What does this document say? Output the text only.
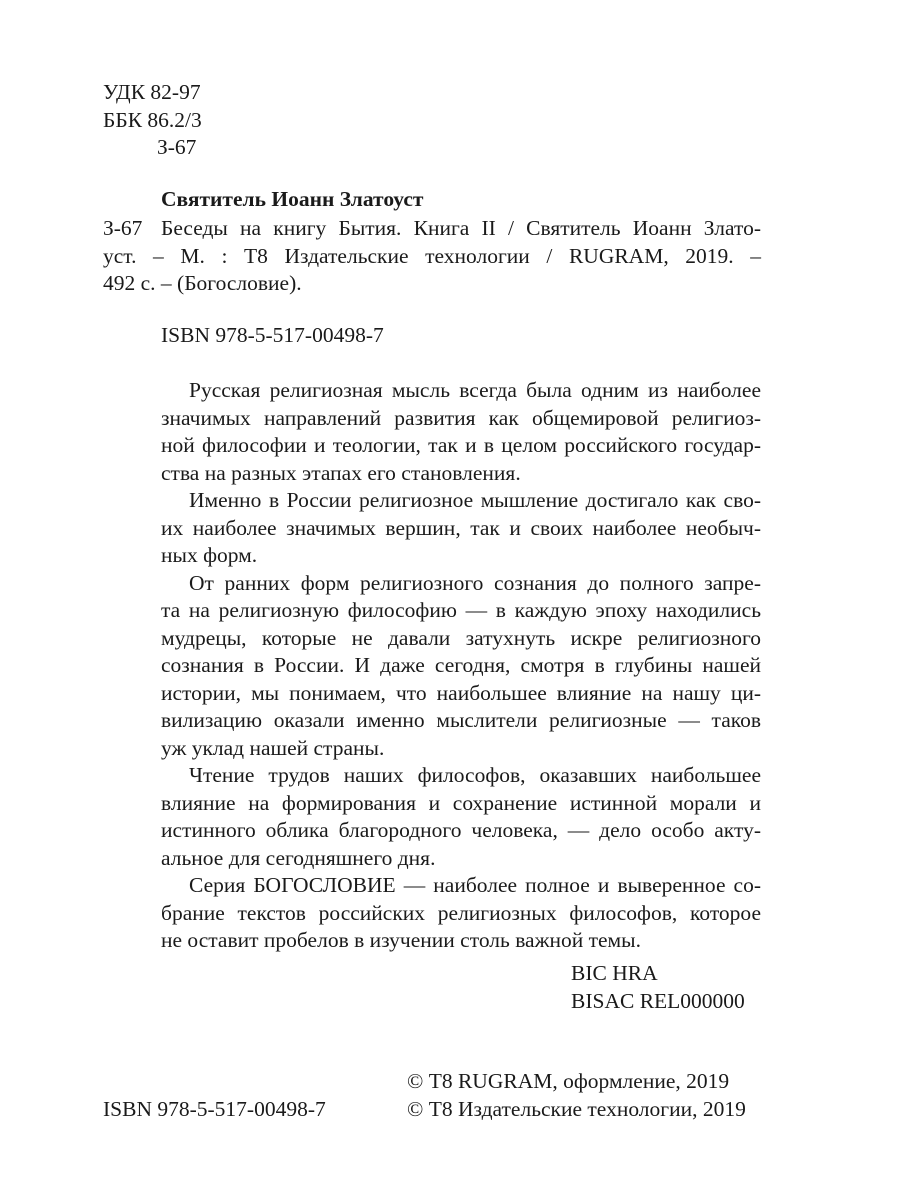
УДК 82-97
ББК 86.2/3
З-67
Святитель Иоанн Златоуст
З-67 Беседы на книгу Бытия. Книга II / Святитель Иоанн Злато-
уст. – М. : Т8 Издательские технологии / RUGRAM, 2019. –
492 с. – (Богословие).
ISBN 978-5-517-00498-7

Русская религиозная мысль всегда была одним из наиболее
значимых направлений развития как общемировой религиоз-
ной философии и теологии, так и в целом российского государ-
ства на разных этапах его становления.

Именно в России религиозное мышление достигало как сво-
их наиболее значимых вершин, так и своих наиболее необыч-
ных форм.

От ранних форм религиозного сознания до полного запре-
та на религиозную философию — в каждую эпоху находились
мудрецы, которые не давали затухнуть искре религиозного
сознания в России. И даже сегодня, смотря в глубины нашей
истории, мы понимаем, что наибольшее влияние на нашу ци-
вилизацию оказали именно мыслители религиозные — таков
уж уклад нашей страны.

Чтение трудов наших философов, оказавших наибольшее
влияние на формирования и сохранение истинной морали и
истинного облика благородного человека, — дело особо акту-
альное для сегодняшнего дня.

Серия БОГОСЛОВИЕ — наиболее полное и выверенное со-
брание текстов российских религиозных философов, которое
не оставит пробелов в изучении столь важной темы.

BIC HRA
BISAC REL000000
© Т8 RUGRAM, оформление, 2019
ISBN 978-5-517-00498-7	© Т8 Издательские технологии, 2019
